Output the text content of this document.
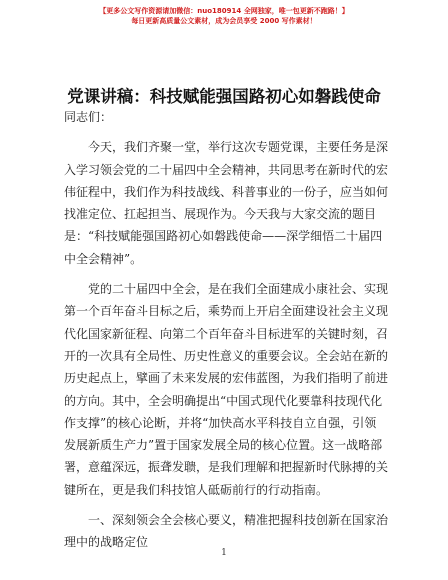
【更多公文写作资源请加微信：nuo180914 全网独家，唯一包更新不跑路！】
每日更新高质量公文素材，成为会员享受 2000 写作素材！
党课讲稿：科技赋能强国路初心如磐践使命
同志们：
今天，我们齐聚一堂，举行这次专题党课，主要任务是深
入学习领会党的二十届四中全会精神，共同思考在新时代的宏
伟征程中，我们作为科技战线、科普事业的一份子，应当如何
找准定位、扛起担当、展现作为。今天我与大家交流的题目
是：“科技赋能强国路初心如磐践使命——深学细悟二十届四
中全会精神”。
党的二十届四中全会，是在我们全面建成小康社会、实现
第一个百年奋斗目标之后，乘势而上开启全面建设社会主义现
代化国家新征程、向第二个百年奋斗目标进军的关键时刻，召
开的一次具有全局性、历史性意义的重要会议。全会站在新的
历史起点上，擘画了未来发展的宏伟蓝图，为我们指明了前进
的方向。其中，全会明确提出“中国式现代化要靠科技现代化
作支撑”的核心论断，并将“加快高水平科技自立自强，引领
发展新质生产力”置于国家发展全局的核心位置。这一战略部
署，意蕴深远，振聋发聩，是我们理解和把握新时代脉搏的关
键所在，更是我们科技馆人砥砺前行的行动指南。
一、深刻领会全会核心要义，精准把握科技创新在国家治
理中的战略定位
1
